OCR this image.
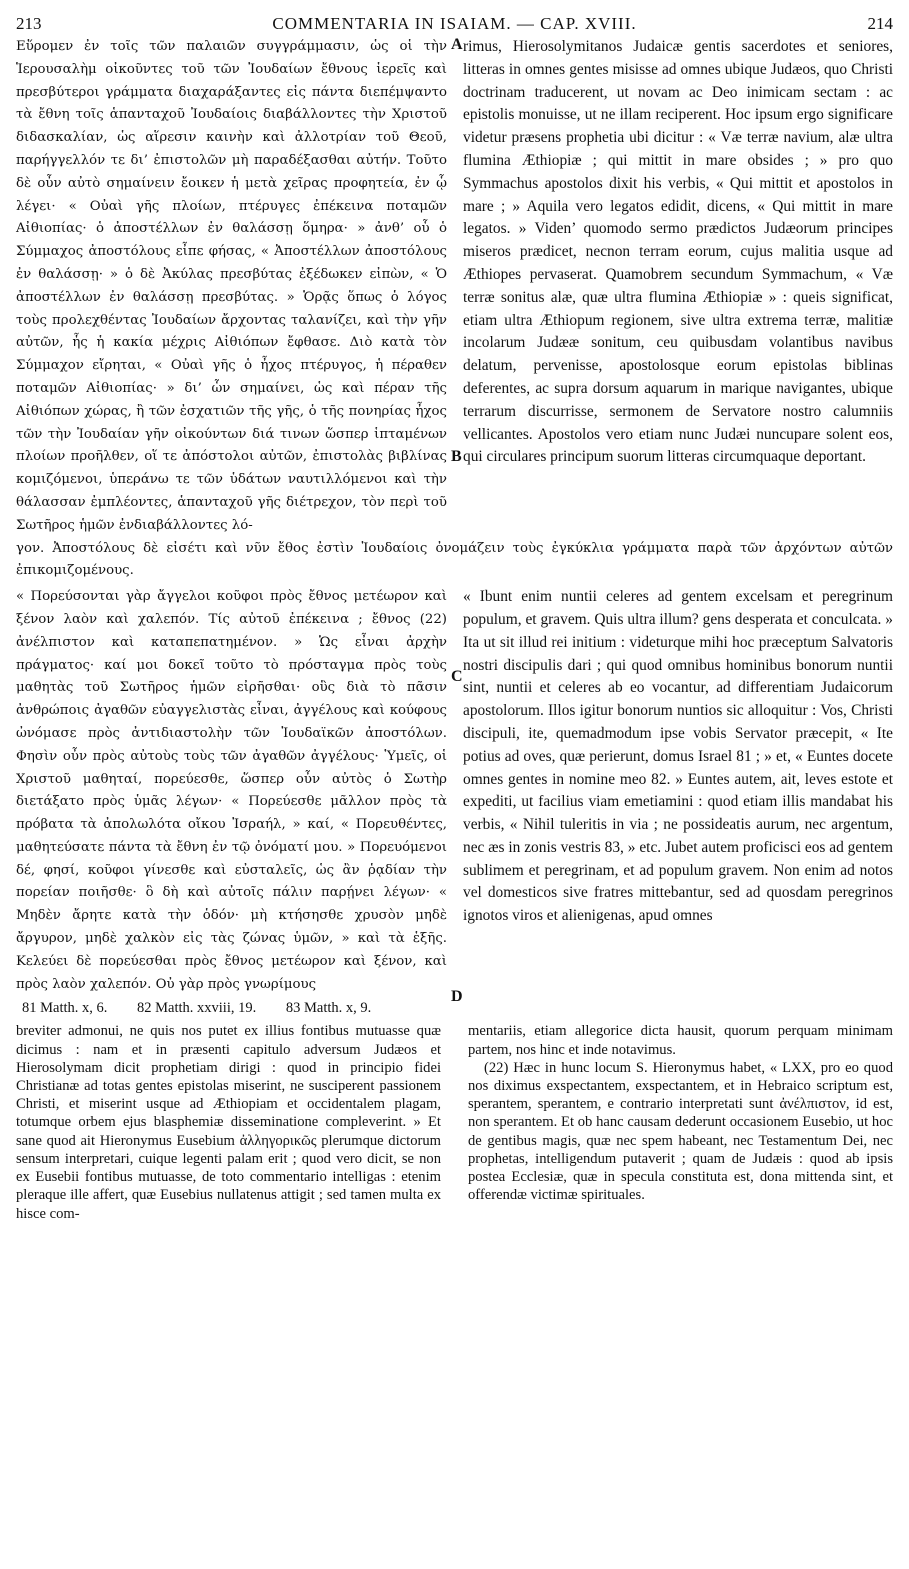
213	COMMENTARIA IN ISAIAM. — CAP. XVIII.	214

Εὕρομεν ἐν τοῖς τῶν παλαιῶν συγγράμμασιν, ὡς οἱ τὴν Ἱερουσαλὴμ οἰκοῦντες τοῦ τῶν Ἰουδαίων ἔθνους ἱερεῖς καὶ πρεσβύτεροι γράμματα διαχαράξαντες εἰς πάντα διεπέμψαντο τὰ ἔθνη τοῖς ἁπανταχοῦ Ἰουδαίοις διαβάλλοντες τὴν Χριστοῦ διδασκαλίαν, ὡς αἵρεσιν καινὴν καὶ ἀλλοτρίαν τοῦ Θεοῦ, παρήγγελλόν τε δι’ ἐπιστολῶν μὴ παραδέξασθαι αὐτήν. Τοῦτο δὲ οὖν αὐτὸ σημαίνειν ἔοικεν ἡ μετὰ χεῖρας προφητεία, ἐν ᾧ λέγει· « Οὐαὶ γῆς πλοίων, πτέρυγες ἐπέκεινα ποταμῶν Αἰθιοπίας· ὁ ἀποστέλλων ἐν θαλάσσῃ ὅμηρα· » ἀνθ’ οὗ ὁ Σύμμαχος ἀποστόλους εἶπε φήσας, « Ἀποστέλλων ἀποστόλους ἐν θαλάσσῃ· » ὁ δὲ Ἀκύλας πρεσβύτας ἐξέδωκεν εἰπὼν, « Ὁ ἀποστέλλων ἐν θαλάσσῃ πρεσβύτας. » Ὁρᾷς ὅπως ὁ λόγος τοὺς προλεχθέντας Ἰουδαίων ἄρχοντας ταλανίζει, καὶ τὴν γῆν αὐτῶν, ἧς ἡ κακία μέχρις Αἰθιόπων ἔφθασε. Διὸ κατὰ τὸν Σύμμαχον εἴρηται, « Οὐαὶ γῆς ὁ ἦχος πτέρυγος, ἡ πέραθεν ποταμῶν Αἰθιοπίας· » δι’ ὧν σημαίνει, ὡς καὶ πέραν τῆς Αἰθιόπων χώρας, ἢ τῶν ἐσχατιῶν τῆς γῆς, ὁ τῆς πονηρίας ἦχος τῶν τὴν Ἰουδαίαν γῆν οἰκούντων διά τινων ὥσπερ ἱπταμένων πλοίων προῆλθεν, οἵ τε ἀπόστολοι αὐτῶν, ἐπιστολὰς βιβλίνας κομιζόμενοι, ὑπεράνω τε τῶν ὑδάτων ναυτιλλόμενοι καὶ τὴν θάλασσαν ἐμπλέοντες, ἁπανταχοῦ γῆς διέτρεχον, τὸν περὶ τοῦ Σωτῆρος ἡμῶν ἐνδιαβάλλοντες λό-

rimus, Hierosolymitanos Judaicæ gentis sacerdotes et seniores, litteras in omnes gentes misisse ad omnes ubique Judæos, quo Christi doctrinam traducerent, ut novam ac Deo inimicam sectam : ac epistolis monuisse, ut ne illam reciperent. Hoc ipsum ergo significare videtur præsens prophetia ubi dicitur : « Væ terræ navium, alæ ultra flumina Æthiopiæ ; qui mittit in mare obsides ; » pro quo Symmachus apostolos dixit his verbis, « Qui mittit et apostolos in mare ; » Aquila vero legatos edidit, dicens, « Qui mittit in mare legatos. » Viden’ quomodo sermo prædictos Judæorum principes miseros prædicet, necnon terram eorum, cujus malitia usque ad Æthiopes pervaserat. Quamobrem secundum Symmachum, « Væ terræ sonitus alæ, quæ ultra flumina Æthiopiæ » : queis significat, etiam ultra Æthiopum regionem, sive ultra extrema terræ, malitiæ incolarum Judææ sonitum, ceu quibusdam volantibus navibus delatum, pervenisse, apostolosque eorum epistolas biblinas deferentes, ac supra dorsum aquarum in marique navigantes, ubique terrarum discurrisse, sermonem de Servatore nostro calumniis vellicantes. Apostolos vero etiam nunc Judæi nuncupare solent eos, qui circulares principum suorum litteras circumquaque deportant.

A
B

γον. Ἀποστόλους δὲ εἰσέτι καὶ νῦν ἔθος ἐστὶν Ἰουδαίοις ὀνομάζειν τοὺς ἐγκύκλια γράμματα παρὰ τῶν ἀρχόντων αὐτῶν ἐπικομιζομένους.

« Πορεύσονται γὰρ ἄγγελοι κοῦφοι πρὸς ἔθνος μετέωρον καὶ ξένον λαὸν καὶ χαλεπόν. Τίς αὐτοῦ ἐπέκεινα ; ἔθνος (22) ἀνέλπιστον καὶ καταπεπατημένον. » Ὡς εἶναι ἀρχὴν πράγματος· καί μοι δοκεῖ τοῦτο τὸ πρόσταγμα πρὸς τοὺς μαθητὰς τοῦ Σωτῆρος ἡμῶν εἰρῆσθαι· οὓς διὰ τὸ πᾶσιν ἀνθρώποις ἀγαθῶν εὐαγγελιστὰς εἶναι, ἀγγέλους καὶ κούφους ὠνόμασε πρὸς ἀντιδιαστολὴν τῶν Ἰουδαϊκῶν ἀποστόλων. Φησὶν οὖν πρὸς αὐτοὺς τοὺς τῶν ἀγαθῶν ἀγγέλους· Ὑμεῖς, οἱ Χριστοῦ μαθηταί, πορεύεσθε, ὥσπερ οὖν αὐτὸς ὁ Σωτὴρ διετάξατο πρὸς ὑμᾶς λέγων· « Πορεύεσθε μᾶλλον πρὸς τὰ πρόβατα τὰ ἀπολωλότα οἴκου Ἰσραήλ, » καί, « Πορευθέντες, μαθητεύσατε πάντα τὰ ἔθνη ἐν τῷ ὀνόματί μου. » Πορευόμενοι δέ, φησί, κοῦφοι γίνεσθε καὶ εὐσταλεῖς, ὡς ἂν ῥᾳδίαν τὴν πορείαν ποιῆσθε· ὃ δὴ καὶ αὐτοῖς πάλιν παρῄνει λέγων· « Μηδὲν ἄρητε κατὰ τὴν ὁδόν· μὴ κτήσησθε χρυσὸν μηδὲ ἄργυρον, μηδὲ χαλκὸν εἰς τὰς ζώνας ὑμῶν, » καὶ τὰ ἑξῆς. Κελεύει δὲ πορεύεσθαι πρὸς ἔθνος μετέωρον καὶ ξένον, καὶ πρὸς λαὸν χαλεπόν. Οὐ γὰρ πρὸς γνωρίμους

« Ibunt enim nuntii celeres ad gentem excelsam et peregrinum populum, et gravem. Quis ultra illum? gens desperata et conculcata. » Ita ut sit illud rei initium : videturque mihi hoc præceptum Salvatoris nostri discipulis dari ; qui quod omnibus hominibus bonorum nuntii sint, nuntii et celeres ab eo vocantur, ad differentiam Judaicorum apostolorum. Illos igitur bonorum nuntios sic alloquitur : Vos, Christi discipuli, ite, quemadmodum ipse vobis Servator præcepit, « Ite potius ad oves, quæ perierunt, domus Israel 81 ; » et, « Euntes docete omnes gentes in nomine meo 82. » Euntes autem, ait, leves estote et expediti, ut facilius viam emetiamini : quod etiam illis mandabat his verbis, « Nihil tuleritis in via ; ne possideatis aurum, nec argentum, nec æs in zonis vestris 83, » etc. Jubet autem proficisci eos ad gentem sublimem et peregrinam, et ad populum gravem. Non enim ad notos vel domesticos sive fratres mittebantur, sed ad quosdam peregrinos ignotos viros et alienigenas, apud omnes

C
D
81 Matth. x, 6. 82 Matth. xxviii, 19. 83 Matth. x, 9.

breviter admonui, ne quis nos putet ex illius fontibus mutuasse quæ dicimus : nam et in præsenti capitulo adversum Judæos et Hierosolymam dicit prophetiam dirigi : quod in principio fidei Christianæ ad totas gentes epistolas miserint, ne susciperent passionem Christi, et miserint usque ad Æthiopiam et occidentalem plagam, totumque orbem ejus blasphemiæ disseminatione compleverint. » Et sane quod ait Hieronymus Eusebium ἀλληγορικῶς plerumque dictorum sensum interpretari, cuique legenti palam erit ; quod vero dicit, se non ex Eusebii fontibus mutuasse, de toto commentario intelligas : etenim pleraque ille affert, quæ Eusebius nullatenus attigit ; sed tamen multa ex hisce com-

mentariis, etiam allegorice dicta hausit, quorum perquam minimam partem, nos hinc et inde notavimus.

(22) Hæc in hunc locum S. Hieronymus habet, « LXX, pro eo quod nos diximus exspectantem, exspectantem, et in Hebraico scriptum est, sperantem, sperantem, e contrario interpretati sunt ἀνέλπιστον, id est, non sperantem. Et ob hanc causam dederunt occasionem Eusebio, ut hoc de gentibus magis, quæ nec spem habeant, nec Testamentum Dei, nec prophetas, intelligendum putaverit ; quam de Judæis : quod ab ipsis postea Ecclesiæ, quæ in specula constituta est, dona mittenda sint, et offerendæ victimæ spirituales.
